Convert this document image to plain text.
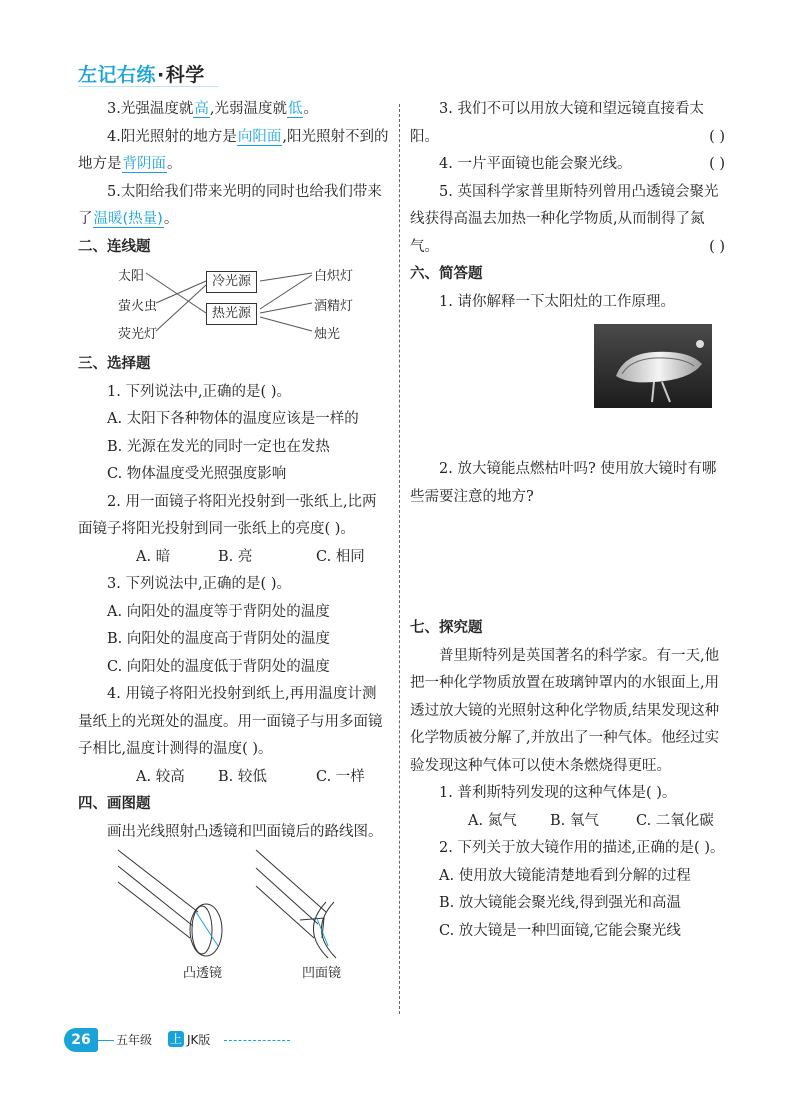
左记右练·科学
3.光强温度就高,光弱温度就低。
4.阳光照射的地方是向阳面,阳光照射不到的地方是背阴面。
5.太阳给我们带来光明的同时也给我们带来了温暖(热量)。
二、连线题
太阳
萤火虫
荧光灯
冷光源
热光源
白炽灯
酒精灯
烛光
三、选择题
1. 下列说法中,正确的是( )。
A. 太阳下各种物体的温度应该是一样的
B. 光源在发光的同时一定也在发热
C. 物体温度受光照强度影响
2. 用一面镜子将阳光投射到一张纸上,比两面镜子将阳光投射到同一张纸上的亮度( )。
A. 暗	B. 亮	C. 相同
3. 下列说法中,正确的是( )。
A. 向阳处的温度等于背阴处的温度
B. 向阳处的温度高于背阴处的温度
C. 向阳处的温度低于背阴处的温度
4. 用镜子将阳光投射到纸上,再用温度计测量纸上的光斑处的温度。用一面镜子与用多面镜子相比,温度计测得的温度( )。
A. 较高 B. 较低	C. 一样
四、画图题
画出光线照射凸透镜和凹面镜后的路线图。
凸透镜	凹面镜
3. 我们不可以用放大镜和望远镜直接看太阳。	( )
4. 一片平面镜也能会聚光线。	( )
5. 英国科学家普里斯特列曾用凸透镜会聚光线获得高温去加热一种化学物质,从而制得了氮气。	( )
六、简答题
1. 请你解释一下太阳灶的工作原理。
2. 放大镜能点燃枯叶吗? 使用放大镜时有哪些需要注意的地方?
七、探究题
普里斯特列是英国著名的科学家。有一天,他把一种化学物质放置在玻璃钟罩内的水银面上,用透过放大镜的光照射这种化学物质,结果发现这种化学物质被分解了,并放出了一种气体。他经过实验发现这种气体可以使木条燃烧得更旺。
1. 普利斯特列发现的这种气体是( )。
A. 氮气 B. 氧气	C. 二氧化碳
2. 下列关于放大镜作用的描述,正确的是( )。
A. 使用放大镜能清楚地看到分解的过程
B. 放大镜能会聚光线,得到强光和高温
C. 放大镜是一种凹面镜,它能会聚光线
26	五年级 上 JK版
